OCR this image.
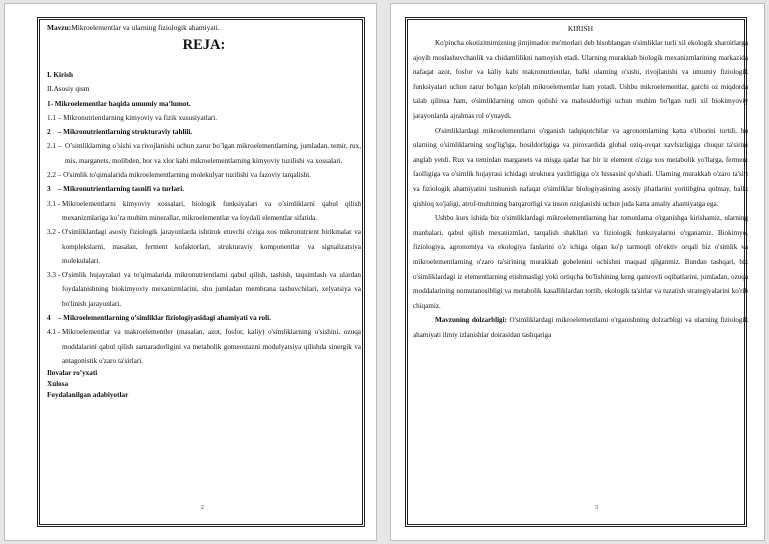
Mavzu:Mikroelementlar va ularning fiziologik ahamiyati.
REJA:

I. Kirish

II.Asosiy qism

1- Mikroelementlar haqida umumiy ma’lumot.

1.1 – Mikronutrientlarning kimyoviy va fizik xususiyatlari.

2    – Mikronutrientlarning strukturaviy tahlili.

2.1 – O’simliklarning o’sishi va rivojlanishi uchun zarur bo’lgan mikroelementlarning, jumladan, temir, rux, mis, marganets, molibden, bor va xlor kabi mikroelementlarning kimyoviy tuzilishi va xossalari.

2.2 – O'simlik to'qimalarida mikroelementlarning molekulyar tuzilishi va fazoviy tarqalishi.

3    – Mikronutrientlarning tasnifi va turlari.

3.1 - Mikroelementlarni kimyoviy xossalari, biologik funksiyalari va o’simliklarni qabul qilish mexanizmlariga ko’ra muhim minerallar, mikroelementlar va foydali elementlar sifatida.

3.2 - O'simliklardagi asosiy fiziologik jarayonlarda ishtirok etuvchi o'ziga xos mikronutrient birikmalar va komplekslarni, masalan, ferment kofaktorlari, strukturaviy komponentlar va signalizatsiya molekulalari.

3.3 - O'simlik hujayralari va to'qimalarida mikronutrientlarni qabul qilish, tashish, taqsimlash va ulardan foydalanishning biokimyoviy mexanizmlarini, shu jumladan membrana tashuvchilari, xelyatsiya va bo'linish jarayonlari.

4    – Mikroelementlarning o’simliklar fiziologiyasidagi ahamiyati va roli.

4.1 - Mikroelementlar va makroelementler (masalan, azot, fosfor, kaliy) o'simliklarning o'sishini, ozuqa moddalarini qabul qilish samaradorligini va metabolik gomeostazni modulyatsiya qilishda sinergik va antagonistik o'zaro ta'sirlari.

Ilovalar ro’yxati

Xulosa

Foydalanilgan adabiyotlar

2
KIRISH

Ko'pincha ekotizimimizning jimjimador me'morlari deb hisoblangan o'simliklar turli xil ekologik sharoitlarga ajoyib moslashuvchanlik va chidamlilikni namoyish etadi. Ularning murakkab biologik mexanizmlarining markazida nafaqat azot, fosfor va kaliy kabi makronutrientlar, balki ularning o'sishi, rivojlanishi va umumiy fiziologik funksiyalari uchun zarur bo'lgan ko'plab mikroelementlar ham yotadi. Ushbu mikroelementlar, garchi oz miqdorda talab qilinsa ham, o'simliklarning omon qolishi va mahsuldorligi uchun muhim bo'lgan turli xil biokimyoviy jarayonlarda ajralmas rol o'ynaydi.

O'simliklardagi mikroelementlarni o'rganish tadqiqotchilar va agronomlarning katta e'tiborini tortdi, bu ularning o'simliklarning sog'lig'iga, hosildorligiga va pirovardida global oziq-ovqat xavfsizligiga chuqur ta'sirini anglab yetdi. Rux va temirdan marganets va misga qadar har bir iz element o'ziga xos metabolik yo'llarga, ferment faolligiga va o'simlik hujayrasi ichidagi struktura yaxlitligiga o'z hissasini qo'shadi. Ularning murakkab o'zaro ta'siri va fiziologik ahamiyatini tushunish nafaqat o'simliklar biologiyasining asosiy jihatlarini yoritibgina qolmay, balki qishloq xo'jaligi, atrof-muhitning barqarorligi va inson oziqlanishi uchun juda katta amaliy ahamiyatga ega.

Ushbu kurs ishida biz o'simliklardagi mikroelementlarning har tomonlama o'rganishga kirishamiz, ularning manbalari, qabul qilish mexanizmlari, tarqalish shakllari va fiziologik funksiyalarini o'rganamiz. Biokimyo, fiziologiya, agronomiya va ekologiya fanlarini o'z ichiga olgan ko'p tarmoqli ob'ektiv orqali biz o'simlik va mikroelementlarning o'zaro ta'sirining murakkab gobelenini ochishni maqsad qilganmiz. Bundan tashqari, biz o'simliklardagi iz elementlarning etishmasligi yoki ortiqcha bo'lishining keng qamrovli oqibatlarini, jumladan, ozuqa moddalarining nomutanosibligi va metabolik kasalliklardan tortib, ekologik ta'sirlar va tuzatish strategiyalarini ko'rib chiqamiz.

Mavzuning dolzarbligi: O'simliklardagi mikroelementlarni o'rganishning dolzarbligi va ularning fiziologik ahamiyati ilmiy izlanishlar doirasidan tashqariga

3
